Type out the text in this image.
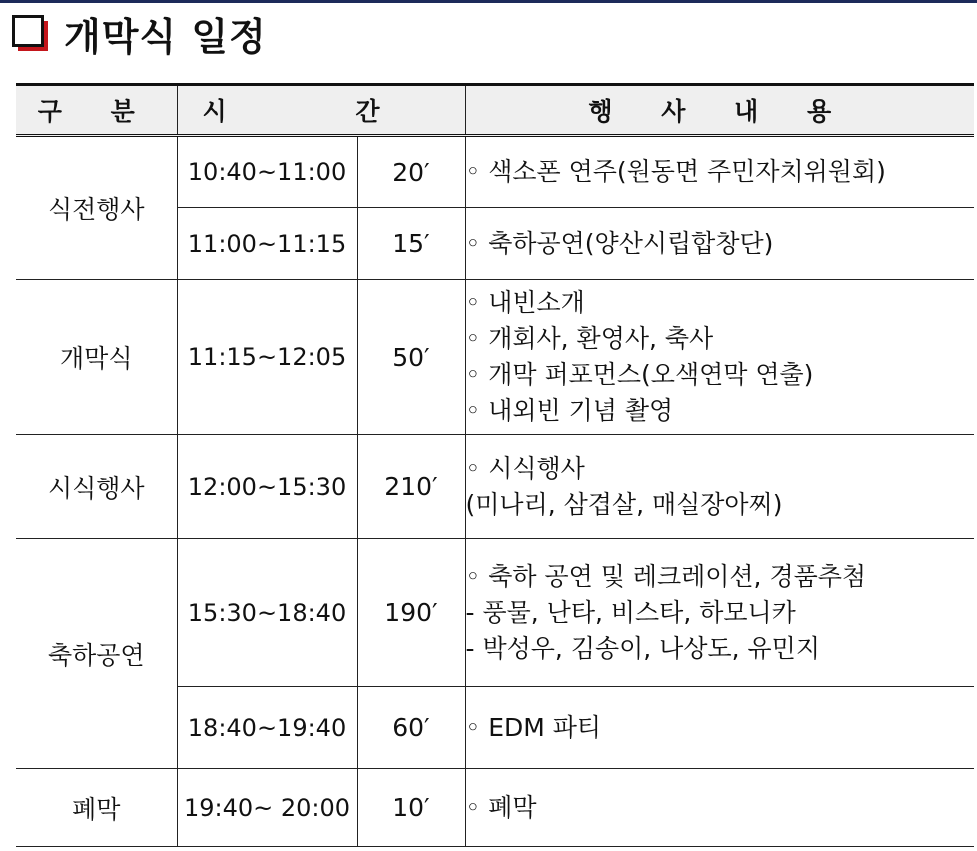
개막식 일정
구 분	시 간		행 사 내 용
식전행사	10:40~11:00	20′	◦ 색소폰 연주(원동면 주민자치위원회)

	11:00~11:15	15′	◦ 축하공연(양산시립합창단)

개막식	11:15~12:05	50′	◦ 내빈소개
◦ 개회사, 환영사, 축사
◦ 개막 퍼포먼스(오색연막 연출)
◦ 내외빈 기념 촬영

시식행사	12:00~15:30	210′	◦ 시식행사
(미나리, 삼겹살, 매실장아찌)

축하공연	15:30~18:40	190′	◦ 축하 공연 및 레크레이션, 경품추첨
- 풍물, 난타, 비스타, 하모니카
- 박성우, 김송이, 나상도, 유민지

	18:40~19:40	60′	◦ EDM 파티

폐막	19:40~ 20:00	10′	◦ 폐막
